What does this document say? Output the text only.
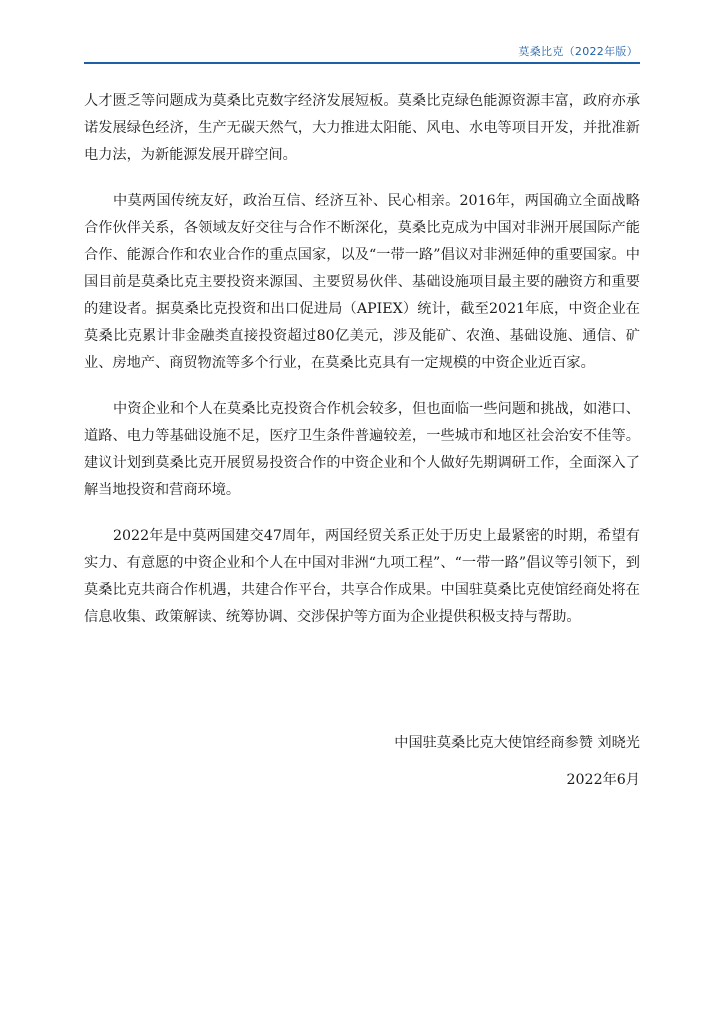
莫桑比克（2022年版）

人才匮乏等问题成为莫桑比克数字经济发展短板。莫桑比克绿色能源资源丰富，政府亦承诺发展绿色经济，生产无碳天然气，大力推进太阳能、风电、水电等项目开发，并批准新电力法，为新能源发展开辟空间。

中莫两国传统友好，政治互信、经济互补、民心相亲。2016年，两国确立全面战略合作伙伴关系，各领域友好交往与合作不断深化，莫桑比克成为中国对非洲开展国际产能合作、能源合作和农业合作的重点国家，以及“一带一路”倡议对非洲延伸的重要国家。中国目前是莫桑比克主要投资来源国、主要贸易伙伴、基础设施项目最主要的融资方和重要的建设者。据莫桑比克投资和出口促进局（APIEX）统计，截至2021年底，中资企业在莫桑比克累计非金融类直接投资超过80亿美元，涉及能矿、农渔、基础设施、通信、矿业、房地产、商贸物流等多个行业，在莫桑比克具有一定规模的中资企业近百家。

中资企业和个人在莫桑比克投资合作机会较多，但也面临一些问题和挑战，如港口、道路、电力等基础设施不足，医疗卫生条件普遍较差，一些城市和地区社会治安不佳等。建议计划到莫桑比克开展贸易投资合作的中资企业和个人做好先期调研工作，全面深入了解当地投资和营商环境。

2022年是中莫两国建交47周年，两国经贸关系正处于历史上最紧密的时期，希望有实力、有意愿的中资企业和个人在中国对非洲“九项工程”、“一带一路”倡议等引领下，到莫桑比克共商合作机遇，共建合作平台，共享合作成果。中国驻莫桑比克使馆经商处将在信息收集、政策解读、统筹协调、交涉保护等方面为企业提供积极支持与帮助。

中国驻莫桑比克大使馆经商参赞 刘晓光
2022年6月
